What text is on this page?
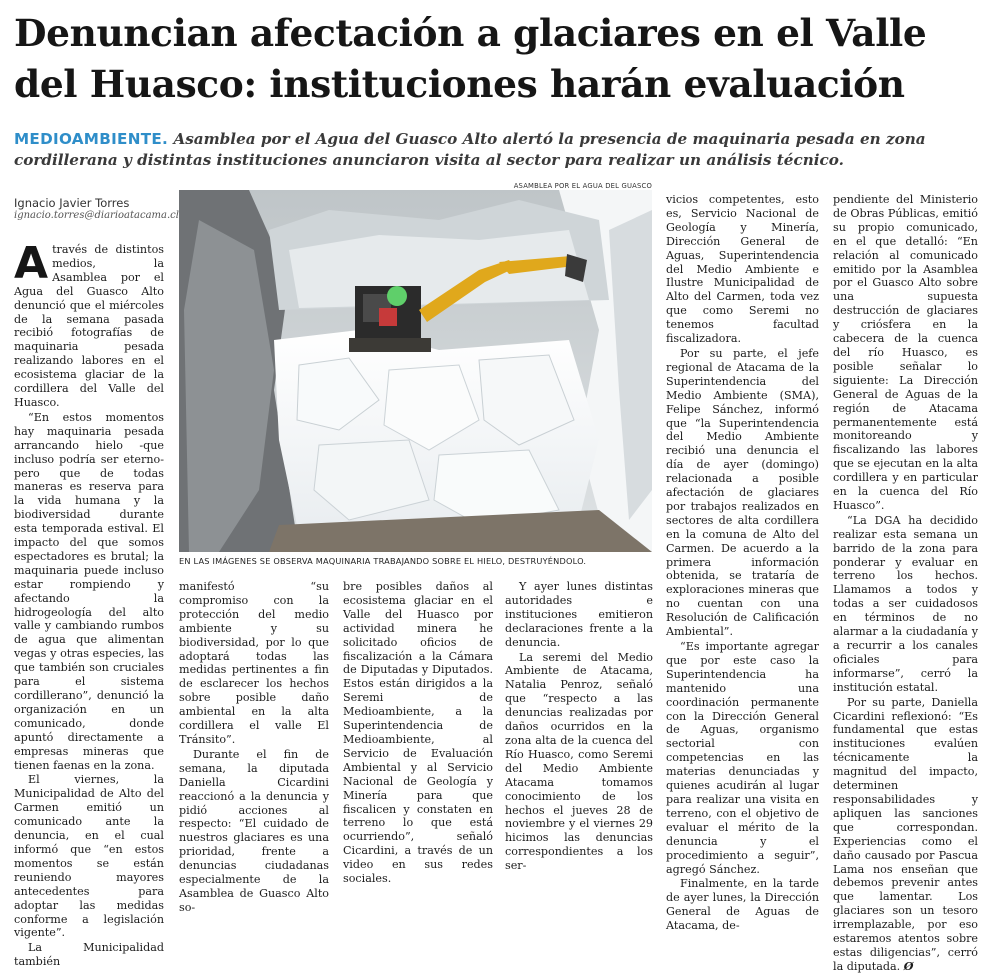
Denuncian afectación a glaciares en el Valle del Huasco: instituciones harán evaluación

MEDIOAMBIENTE. Asamblea por el Agua del Guasco Alto alertó la presencia de maquinaria pesada en zona cordillerana y distintas instituciones anunciaron visita al sector para realizar un análisis técnico.

Ignacio Javier Torres
ignacio.torres@diarioatacama.cl
ASAMBLEA POR EL AGUA DEL GUASCO
EN LAS IMÁGENES SE OBSERVA MAQUINARIA TRABAJANDO SOBRE EL HIELO, DESTRUYÉNDOLO.

Através de distintos medios, la Asamblea por el Agua del Guasco Alto denunció que el miércoles de la semana pasada recibió fotografías de maquinaria pesada realizando labores en el ecosistema glaciar de la cordillera del Valle del Huasco.

“En estos momentos hay maquinaria pesada arrancando hielo -que incluso podría ser eterno- pero que de todas maneras es reserva para la vida humana y la biodiversidad durante esta temporada estival. El impacto del que somos espectadores es brutal; la maquinaria puede incluso estar rompiendo y afectando la hidrogeología del alto valle y cambiando rumbos de agua que alimentan vegas y otras especies, las que también son cruciales para el sistema cordillerano”, denunció la organización en un comunicado, donde apuntó directamente a empresas mineras que tienen faenas en la zona.

El viernes, la Municipalidad de Alto del Carmen emitió un comunicado ante la denuncia, en el cual informó que “en estos momentos se están reuniendo mayores antecedentes para adoptar las medidas conforme a legislación vigente”.

La Municipalidad también

manifestó “su compromiso con la protección del medio ambiente y su biodiversidad, por lo que adoptará todas las medidas pertinentes a fin de esclarecer los hechos sobre posible daño ambiental en la alta cordillera el valle El Tránsito”.

Durante el fin de semana, la diputada Daniella Cicardini reaccionó a la denuncia y pidió acciones al respecto: “El cuidado de nuestros glaciares es una prioridad, frente a denuncias ciudadanas especialmente de la Asamblea de Guasco Alto so-

bre posibles daños al ecosistema glaciar en el Valle del Huasco por actividad minera he solicitado oficios de fiscalización a la Cámara de Diputadas y Diputados. Estos están dirigidos a la Seremi de Medioambiente, a la Superintendencia de Medioambiente, al Servicio de Evaluación Ambiental y al Servicio Nacional de Geología y Minería para que fiscalicen y constaten en terreno lo que está ocurriendo”, señaló Cicardini, a través de un video en sus redes sociales.

Y ayer lunes distintas autoridades e instituciones emitieron declaraciones frente a la denuncia.

La seremi del Medio Ambiente de Atacama, Natalia Penroz, señaló que “respecto a las denuncias realizadas por daños ocurridos en la zona alta de la cuenca del Río Huasco, como Seremi del Medio Ambiente Atacama tomamos conocimiento de los hechos el jueves 28 de noviembre y el viernes 29 hicimos las denuncias correspondientes a los ser-

vicios competentes, esto es, Servicio Nacional de Geología y Minería, Dirección General de Aguas, Superintendencia del Medio Ambiente e Ilustre Municipalidad de Alto del Carmen, toda vez que como Seremi no tenemos facultad fiscalizadora.

Por su parte, el jefe regional de Atacama de la Superintendencia del Medio Ambiente (SMA), Felipe Sánchez, informó que “la Superintendencia del Medio Ambiente recibió una denuncia el día de ayer (domingo) relacionada a posible afectación de glaciares por trabajos realizados en sectores de alta cordillera en la comuna de Alto del Carmen. De acuerdo a la primera información obtenida, se trataría de exploraciones mineras que no cuentan con una Resolución de Calificación Ambiental”.

“Es importante agregar que por este caso la Superintendencia ha mantenido una coordinación permanente con la Dirección General de Aguas, organismo sectorial con competencias en las materias denunciadas y quienes acudirán al lugar para realizar una visita en terreno, con el objetivo de evaluar el mérito de la denuncia y el procedimiento a seguir”, agregó Sánchez.

Finalmente, en la tarde de ayer lunes, la Dirección General de Aguas de Atacama, de-

pendiente del Ministerio de Obras Públicas, emitió su propio comunicado, en el que detalló: “En relación al comunicado emitido por la Asamblea por el Guasco Alto sobre una supuesta destrucción de glaciares y criósfera en la cabecera de la cuenca del río Huasco, es posible señalar lo siguiente: La Dirección General de Aguas de la región de Atacama permanentemente está monitoreando y fiscalizando las labores que se ejecutan en la alta cordillera y en particular en la cuenca del Río Huasco”.

“La DGA ha decidido realizar esta semana un barrido de la zona para ponderar y evaluar en terreno los hechos. Llamamos a todos y todas a ser cuidadosos en términos de no alarmar a la ciudadanía y a recurrir a los canales oficiales para informarse”, cerró la institución estatal.

Por su parte, Daniella Cicardini reflexionó: “Es fundamental que estas instituciones evalúen técnicamente la magnitud del impacto, determinen responsabilidades y apliquen las sanciones que correspondan. Experiencias como el daño causado por Pascua Lama nos enseñan que debemos prevenir antes que lamentar. Los glaciares son un tesoro irremplazable, por eso estaremos atentos sobre estas diligencias”, cerró la diputada. Ø
